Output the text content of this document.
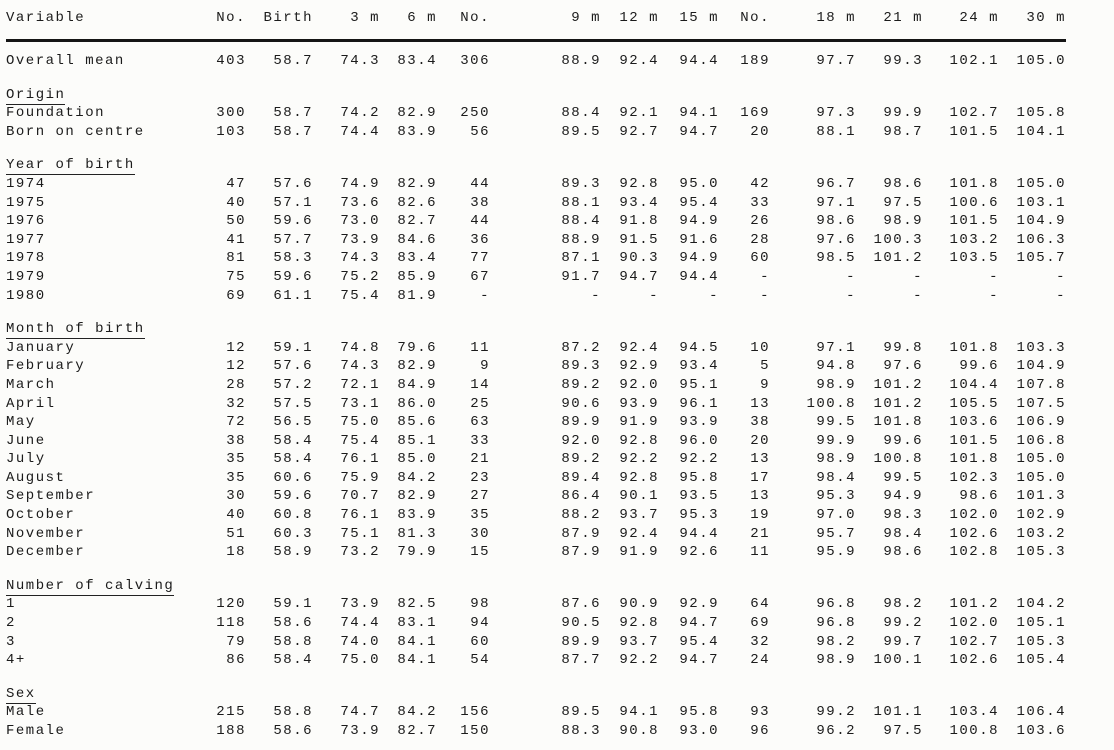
Variable	No.	Birth	3 m	6 m	No.	9 m	12 m	15 m	No.	18 m	21 m	24 m	30 m

Overall mean	403	58.7	74.3	83.4	306	88.9	92.4	94.4	189	97.7	99.3	102.1	105.0

Origin													
Foundation	300	58.7	74.2	82.9	250	88.4	92.1	94.1	169	97.3	99.9	102.7	105.8
Born on centre	103	58.7	74.4	83.9	56	89.5	92.7	94.7	20	88.1	98.7	101.5	104.1

Year of birth													
1974	47	57.6	74.9	82.9	44	89.3	92.8	95.0	42	96.7	98.6	101.8	105.0
1975	40	57.1	73.6	82.6	38	88.1	93.4	95.4	33	97.1	97.5	100.6	103.1
1976	50	59.6	73.0	82.7	44	88.4	91.8	94.9	26	98.6	98.9	101.5	104.9
1977	41	57.7	73.9	84.6	36	88.9	91.5	91.6	28	97.6	100.3	103.2	106.3
1978	81	58.3	74.3	83.4	77	87.1	90.3	94.9	60	98.5	101.2	103.5	105.7
1979	75	59.6	75.2	85.9	67	91.7	94.7	94.4	-	-	-	-	-
1980	69	61.1	75.4	81.9	-	-	-	-	-	-	-	-	-

Month of birth													
January	12	59.1	74.8	79.6	11	87.2	92.4	94.5	10	97.1	99.8	101.8	103.3
February	12	57.6	74.3	82.9	9	89.3	92.9	93.4	5	94.8	97.6	99.6	104.9
March	28	57.2	72.1	84.9	14	89.2	92.0	95.1	9	98.9	101.2	104.4	107.8
April	32	57.5	73.1	86.0	25	90.6	93.9	96.1	13	100.8	101.2	105.5	107.5
May	72	56.5	75.0	85.6	63	89.9	91.9	93.9	38	99.5	101.8	103.6	106.9
June	38	58.4	75.4	85.1	33	92.0	92.8	96.0	20	99.9	99.6	101.5	106.8
July	35	58.4	76.1	85.0	21	89.2	92.2	92.2	13	98.9	100.8	101.8	105.0
August	35	60.6	75.9	84.2	23	89.4	92.8	95.8	17	98.4	99.5	102.3	105.0
September	30	59.6	70.7	82.9	27	86.4	90.1	93.5	13	95.3	94.9	98.6	101.3
October	40	60.8	76.1	83.9	35	88.2	93.7	95.3	19	97.0	98.3	102.0	102.9
November	51	60.3	75.1	81.3	30	87.9	92.4	94.4	21	95.7	98.4	102.6	103.2
December	18	58.9	73.2	79.9	15	87.9	91.9	92.6	11	95.9	98.6	102.8	105.3

Number of calving													
1	120	59.1	73.9	82.5	98	87.6	90.9	92.9	64	96.8	98.2	101.2	104.2
2	118	58.6	74.4	83.1	94	90.5	92.8	94.7	69	96.8	99.2	102.0	105.1
3	79	58.8	74.0	84.1	60	89.9	93.7	95.4	32	98.2	99.7	102.7	105.3
4+	86	58.4	75.0	84.1	54	87.7	92.2	94.7	24	98.9	100.1	102.6	105.4

Sex													
Male	215	58.8	74.7	84.2	156	89.5	94.1	95.8	93	99.2	101.1	103.4	106.4
Female	188	58.6	73.9	82.7	150	88.3	90.8	93.0	96	96.2	97.5	100.8	103.6
